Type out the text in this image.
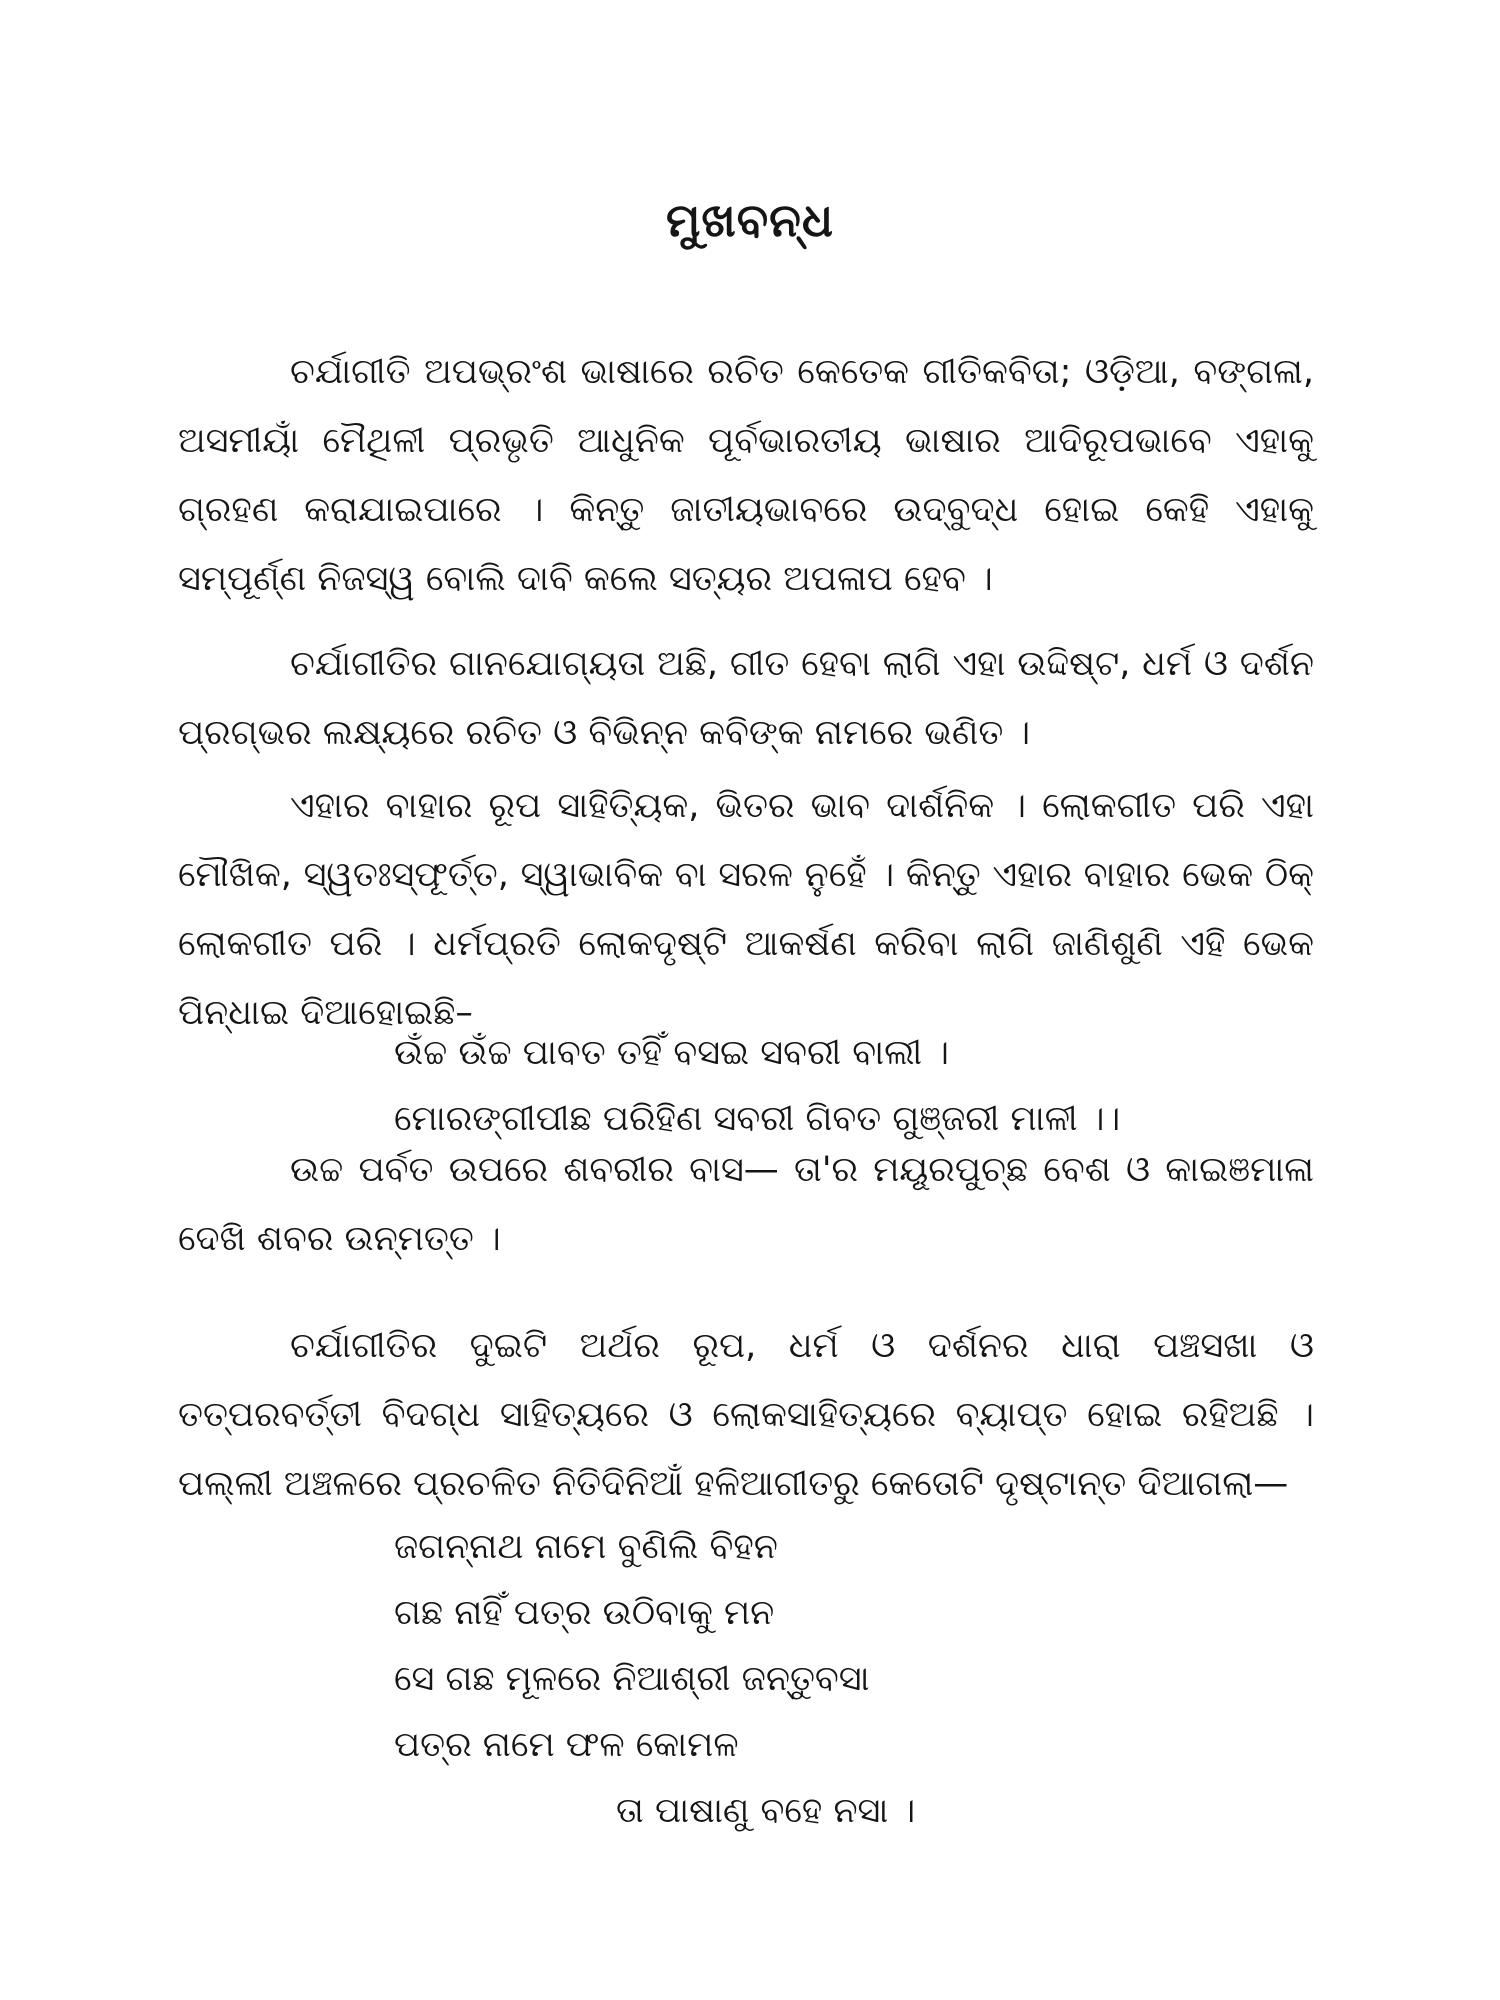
ମୁଖବନ୍ଧ

ଚର୍ଯାଗୀତି ଅପଭ୍ରଂଶ ଭାଷାରେ ରଚିତ କେତେକ ଗୀତିକବିତା; ଓଡ଼ିଆ, ବଙ୍ଗଳା, ଅସମୀୟାଁ ମୈଥିଳୀ ପ୍ରଭୃତି ଆଧୁନିକ ପୂର୍ବଭାରତୀୟ ଭାଷାର ଆଦିରୂପଭାବେ ଏହାକୁ ଗ୍ରହଣ କରାଯାଇପାରେ । କିନ୍ତୁ ଜାତୀୟଭାବରେ ଉଦ୍‌ବୁଦ୍ଧ ହୋଇ କେହି ଏହାକୁ ସମ୍ପୂର୍ଣ୍ଣ ନିଜସ୍ୱ ବୋଲି ଦାବି କଲେ ସତ୍ୟର ଅପଳାପ ହେବ ।

ଚର୍ଯାଗୀତିର ଗାନଯୋଗ୍ୟତା ଅଛି, ଗୀତ ହେବା ଲାଗି ଏହା ଉଦ୍ଦିଷ୍ଟ, ଧର୍ମ ଓ ଦର୍ଶନ ପ୍ରଗ୍ଭର ଲକ୍ଷ୍ୟରେ ରଚିତ ଓ ବିଭିନ୍ନ କବିଙ୍କ ନାମରେ ଭଣିତ ।

ଏହାର ବାହାର ରୂପ ସାହିତ୍ୟିକ, ଭିତର ଭାବ ଦାର୍ଶନିକ । ଲୋକଗୀତ ପରି ଏହା ମୌଖିକ, ସ୍ୱତଃସ୍ଫୂର୍ତ୍ତ, ସ୍ୱାଭାବିକ ବା ସରଳ ନୁହେଁ । କିନ୍ତୁ ଏହାର ବାହାର ଭେକ ଠିକ୍ ଲୋକଗୀତ ପରି । ଧର୍ମପ୍ରତି ଲୋକଦୃଷ୍ଟି ଆକର୍ଷଣ କରିବା ଲାଗି ଜାଣିଶୁଣି ଏହି ଭେକ ପିନ୍ଧାଇ ଦିଆହୋଇଛି–

ଉଁଚ୍ଚ ଉଁଚ୍ଚ ପାବତ ତହିଁ ବସଇ ସବରୀ ବାଲୀ ।
ମୋରଙ୍ଗୀପୀଛ ପରିହିଣ ସବରୀ ଗିବତ ଗୁଞ୍ଜରୀ ମାଳୀ ।।

ଉଚ୍ଚ ପର୍ବତ ଉପରେ ଶବରୀର ବାସ— ତା'ର ମୟୂରପୁଚ୍ଛ ବେଶ ଓ କାଇଞମାଳା ଦେଖି ଶବର ଉନ୍ମତ୍ତ ।

ଚର୍ଯାଗୀତିର ଦୁଇଟି ଅର୍ଥର ରୂପ, ଧର୍ମ ଓ ଦର୍ଶନର ଧାରା ପଞ୍ଚସଖା ଓ ତତ୍ପରବର୍ତ୍ତୀ ବିଦଗ୍ଧ ସାହିତ୍ୟରେ ଓ ଲୋକସାହିତ୍ୟରେ ବ୍ୟାପ୍ତ ହୋଇ ରହିଅଛି । ପଲ୍ଲୀ ଅଞ୍ଚଳରେ ପ୍ରଚଳିତ ନିତିଦିନିଆଁ ହଳିଆଗୀତରୁ କେତୋଟି ଦୃଷ୍ଟାନ୍ତ ଦିଆଗଲା—

ଜଗନ୍ନାଥ ନାମେ ବୁଣିଲି ବିହନ
ଗଛ ନାହିଁ ପତ୍ର ଉଠିବାକୁ ମନ
ସେ ଗଛ ମୂଳରେ ନିଆଶ୍ରୀ ଜନ୍ତୁବସା
ପତ୍ର ନାମେ ଫଳ କୋମଳ
ତା ପାଷାଣୁ ବହେ ନସା ।
